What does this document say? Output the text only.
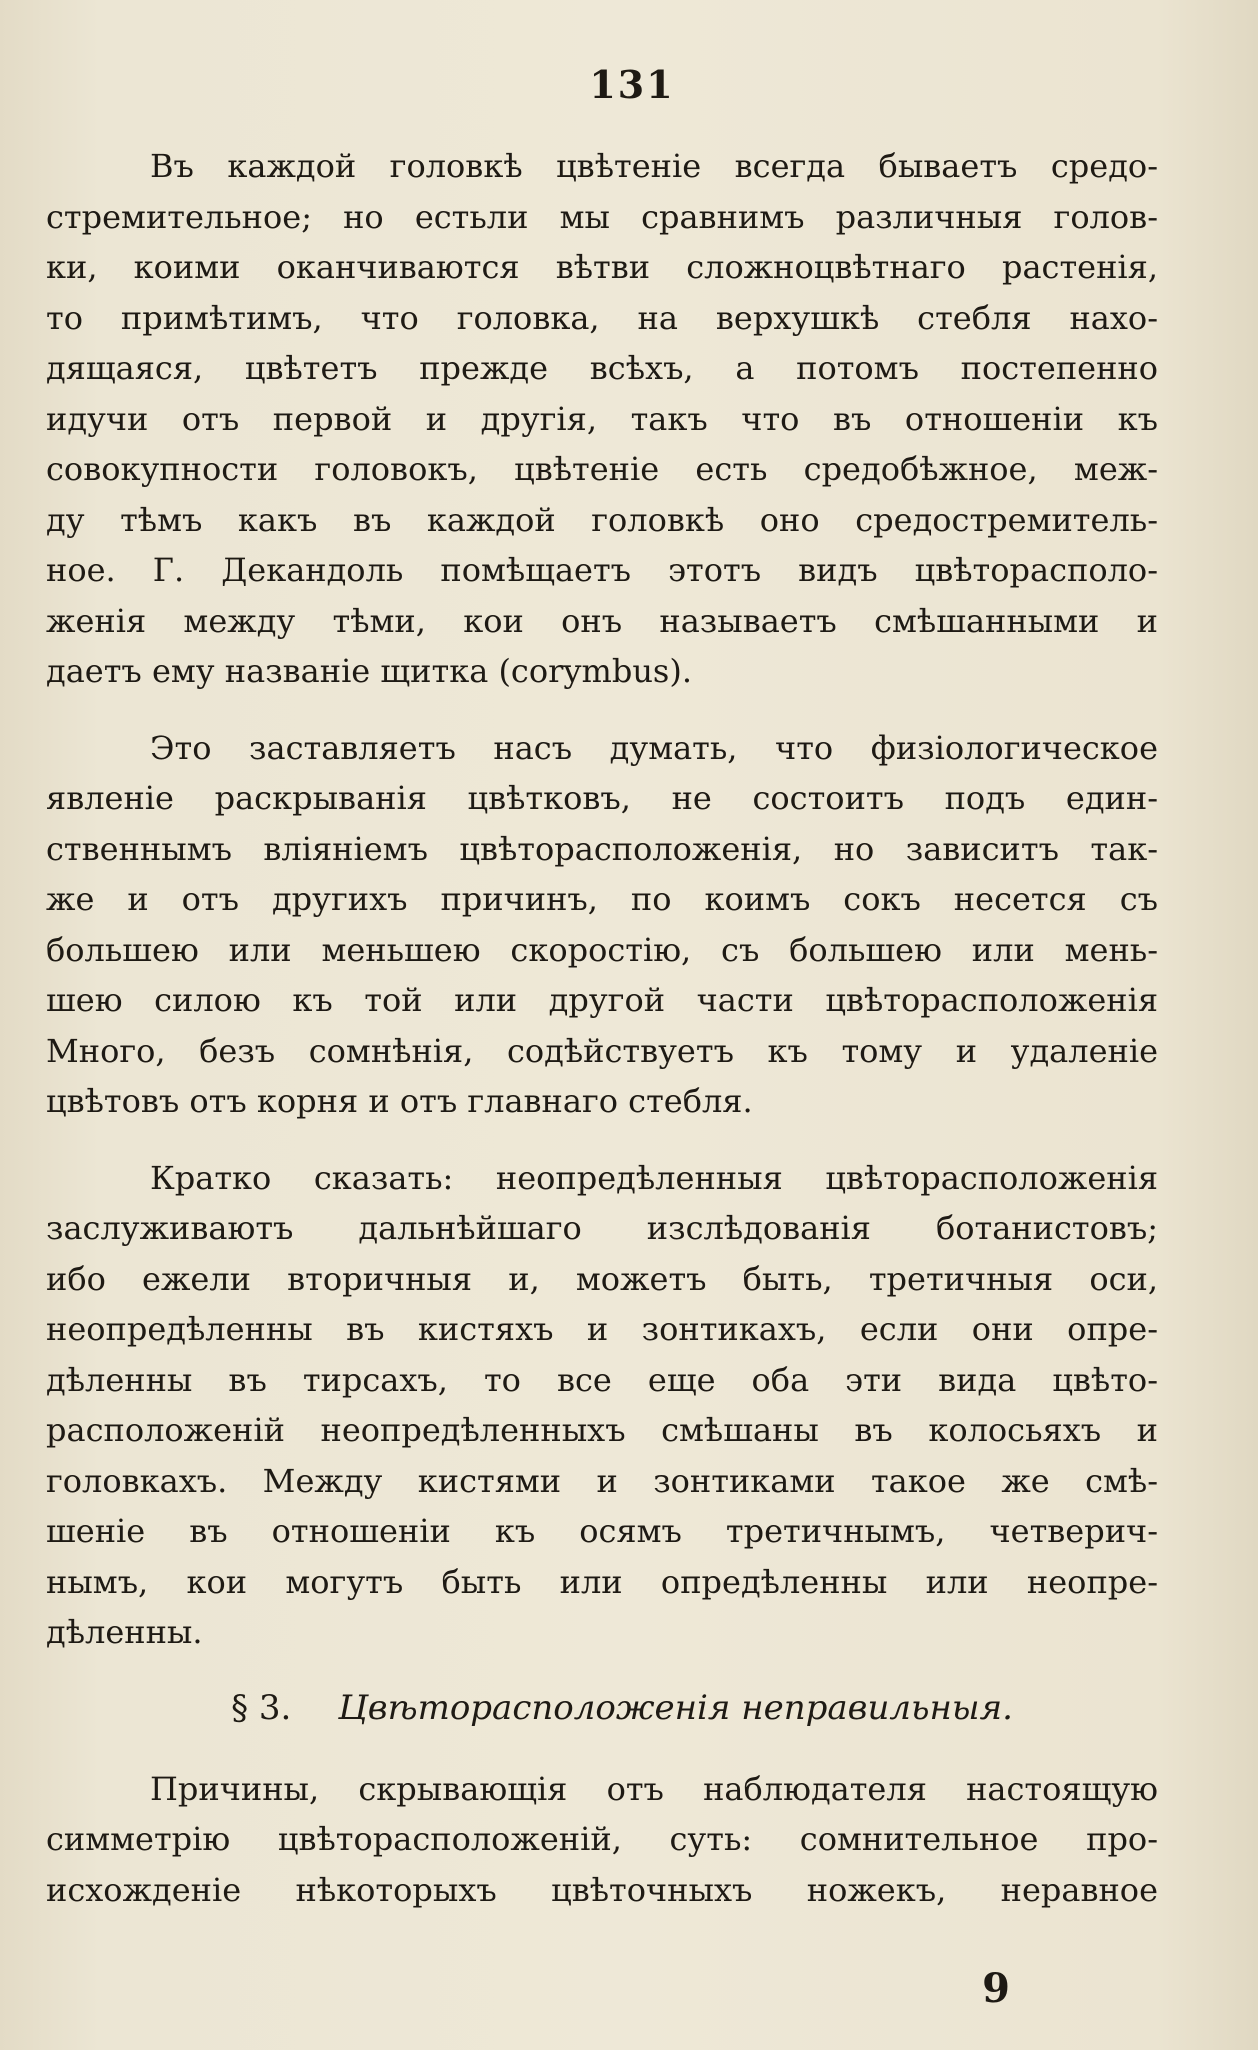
131
Въ каждой головкѣ цвѣтеніе всегда бываетъ средо-
стремительное; но естьли мы сравнимъ различныя голов-
ки, коими оканчиваются вѣтви сложноцвѣтнаго растенія,
то примѣтимъ, что головка, на верхушкѣ стебля нахо-
дящаяся, цвѣтетъ прежде всѣхъ, а потомъ постепенно
идучи отъ первой и другія, такъ что въ отношеніи къ
совокупности головокъ, цвѣтеніе есть средобѣжное, меж-
ду тѣмъ какъ въ каждой головкѣ оно средостремитель-
ное. Г. Декандоль помѣщаетъ этотъ видъ цвѣторасполо-
женія между тѣми, кои онъ называетъ смѣшанными и
даетъ ему названіе щитка (corymbus).
Это заставляетъ насъ думать, что физіологическое
явленіе раскрыванія цвѣтковъ, не состоитъ подъ един-
ственнымъ вліяніемъ цвѣторасположенія, но зависитъ так-
же и отъ другихъ причинъ, по коимъ сокъ несется съ
большею или меньшею скоростію, съ большею или мень-
шею силою къ той или другой части цвѣторасположенія
Много, безъ сомнѣнія, содѣйствуетъ къ тому и удаленіе
цвѣтовъ отъ корня и отъ главнаго стебля.
Кратко сказать: неопредѣленныя цвѣторасположенія
заслуживаютъ дальнѣйшаго изслѣдованія ботанистовъ;
ибо ежели вторичныя и, можетъ быть, третичныя оси,
неопредѣленны въ кистяхъ и зонтикахъ, если они опре-
дѣленны въ тирсахъ, то все еще оба эти вида цвѣто-
расположеній неопредѣленныхъ смѣшаны въ колосьяхъ и
головкахъ. Между кистями и зонтиками такое же смѣ-
шеніе въ отношеніи къ осямъ третичнымъ, четверич-
нымъ, кои могутъ быть или опредѣленны или неопре-
дѣленны.
§ 3. Цвѣторасположенія неправильныя.
Причины, скрывающія отъ наблюдателя настоящую
симметрію цвѣторасположеній, суть: сомнительное про-
исхожденіе нѣкоторыхъ цвѣточныхъ ножекъ, неравное
9
